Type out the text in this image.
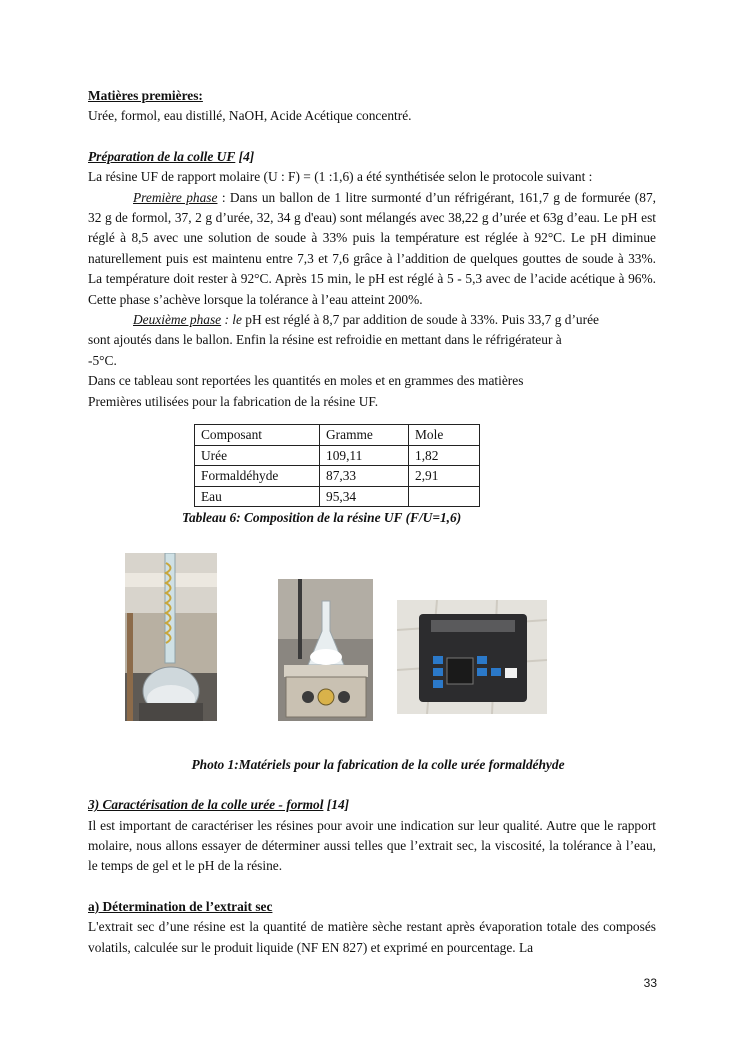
Matières premières:

Urée, formol, eau distillé, NaOH, Acide Acétique concentré.

Préparation de la colle UF [4]

La résine UF de rapport molaire (U : F) = (1 :1,6) a été synthétisée selon le protocole suivant :

Première phase : Dans un ballon de 1 litre surmonté d’un réfrigérant, 161,7 g de formurée (87, 32 g de formol, 37, 2 g d’urée, 32, 34 g d'eau) sont mélangés avec 38,22 g d’urée et 63g d’eau. Le pH est réglé à 8,5 avec une solution de soude à 33% puis la température est réglée à 92°C. Le pH diminue naturellement puis est maintenu entre 7,3 et 7,6 grâce à l’addition de quelques gouttes de soude à 33%. La température doit rester à 92°C. Après 15 min, le pH est réglé à 5 - 5,3 avec de l’acide acétique à 96%. Cette phase s’achève lorsque la tolérance à l’eau atteint 200%.

Deuxième phase : le pH est réglé à 8,7 par addition de soude à 33%. Puis 33,7 g d’urée
sont ajoutés dans le ballon. Enfin la résine est refroidie en mettant dans le réfrigérateur à
-5°C.

Dans ce tableau sont reportées les quantités en moles et en grammes des matières
Premières utilisées pour la fabrication de la résine UF.

Composant	Gramme	Mole
Urée	109,11	1,82
Formaldéhyde	87,33	2,91
Eau	95,34	
Tableau 6: Composition de la résine UF (F/U=1,6)
Photo 1:Matériels pour la fabrication de la colle urée formaldéhyde

3) Caractérisation de la colle urée - formol [14]

Il est important de caractériser les résines pour avoir une indication sur leur qualité. Autre que le rapport molaire, nous allons essayer de déterminer aussi telles que l’extrait sec, la viscosité, la tolérance à l’eau, le temps de gel et le pH de la résine.

a) Détermination de l’extrait sec

L'extrait sec d’une résine est la quantité de matière sèche restant après évaporation totale des composés volatils, calculée sur le produit liquide (NF EN 827) et exprimé en pourcentage. La

33
